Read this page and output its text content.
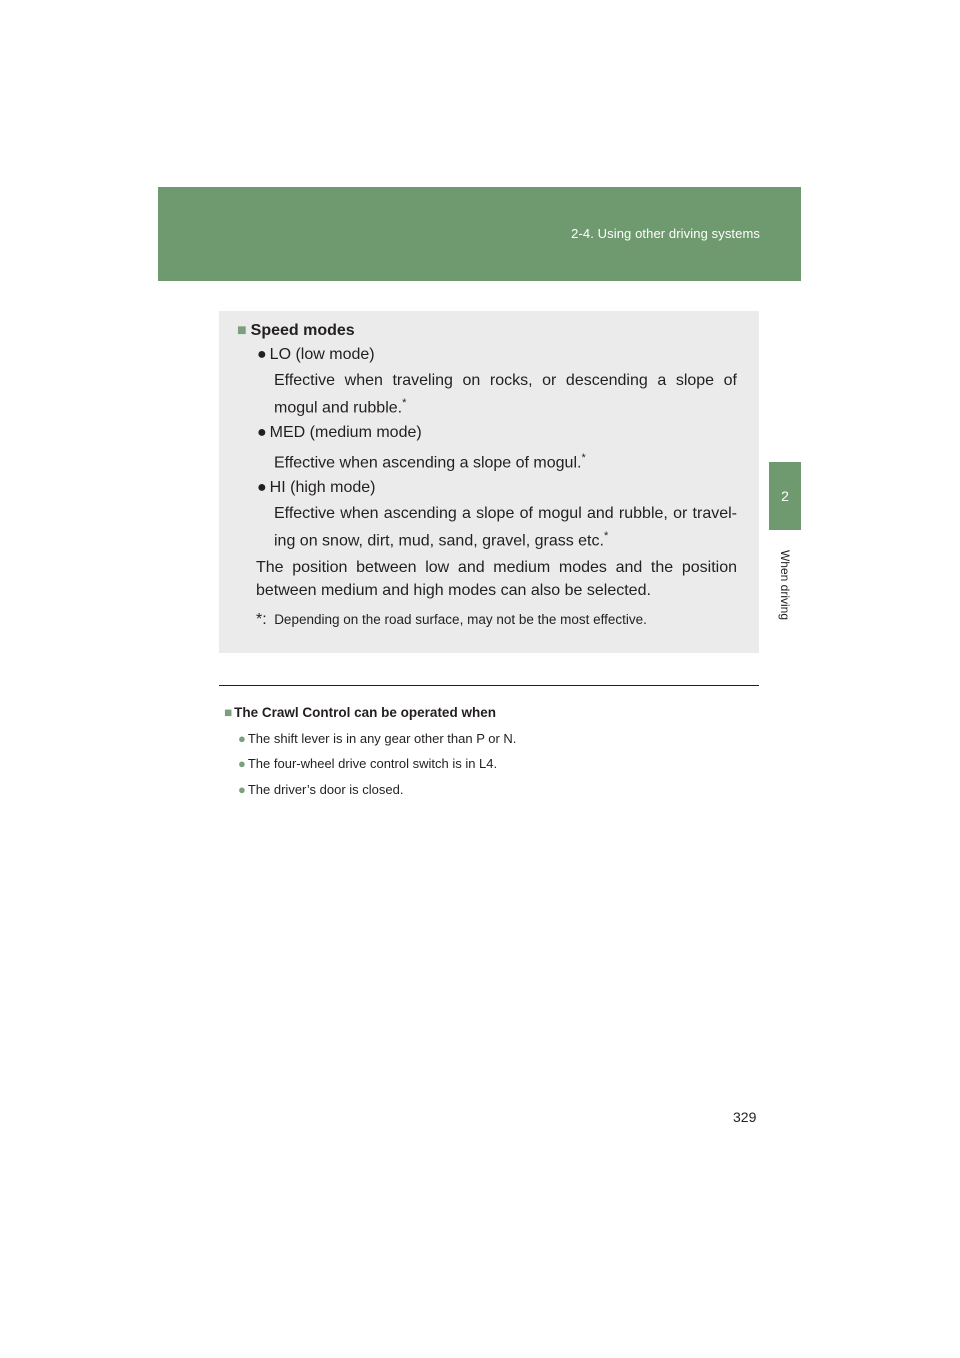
2-4. Using other driving systems
2
When driving
■ Speed modes
● LO (low mode)
Effective when traveling on rocks, or descending a slope of mogul and rubble.*
● MED (medium mode)
Effective when ascending a slope of mogul.*
● HI (high mode)
Effective when ascending a slope of mogul and rubble, or travel-ing on snow, dirt, mud, sand, gravel, grass etc.*
The position between low and medium modes and the position between medium and high modes can also be selected.
*: Depending on the road surface, may not be the most effective.
■ The Crawl Control can be operated when
● The shift lever is in any gear other than P or N.
● The four-wheel drive control switch is in L4.
● The driver’s door is closed.
329
